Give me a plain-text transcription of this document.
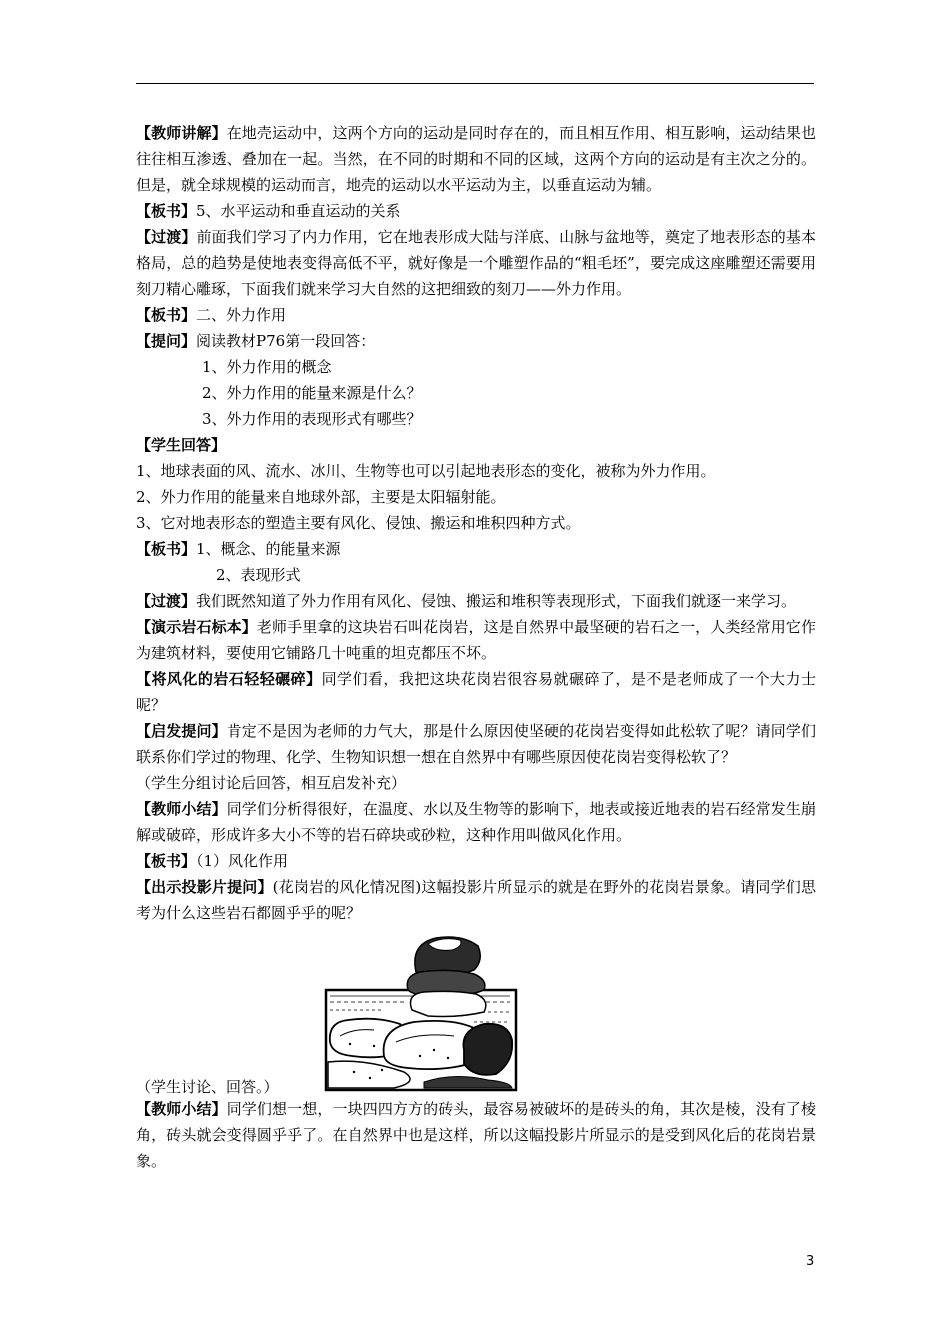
【教师讲解】在地壳运动中，这两个方向的运动是同时存在的，而且相互作用、相互影响，运动结果也往往相互渗透、叠加在一起。当然，在不同的时期和不同的区域，这两个方向的运动是有主次之分的。但是，就全球规模的运动而言，地壳的运动以水平运动为主，以垂直运动为辅。

【板书】5、水平运动和垂直运动的关系

【过渡】前面我们学习了内力作用，它在地表形成大陆与洋底、山脉与盆地等，奠定了地表形态的基本格局，总的趋势是使地表变得高低不平，就好像是一个雕塑作品的“粗毛坯”，要完成这座雕塑还需要用刻刀精心雕琢，下面我们就来学习大自然的这把细致的刻刀——外力作用。

【板书】二、外力作用

【提问】阅读教材P76第一段回答：

1、外力作用的概念

2、外力作用的能量来源是什么？

3、外力作用的表现形式有哪些？

【学生回答】

1、地球表面的风、流水、冰川、生物等也可以引起地表形态的变化，被称为外力作用。

2、外力作用的能量来自地球外部，主要是太阳辐射能。

3、它对地表形态的塑造主要有风化、侵蚀、搬运和堆积四种方式。

【板书】1、概念、的能量来源

2、表现形式

【过渡】我们既然知道了外力作用有风化、侵蚀、搬运和堆积等表现形式，下面我们就逐一来学习。

【演示岩石标本】老师手里拿的这块岩石叫花岗岩，这是自然界中最坚硬的岩石之一，人类经常用它作为建筑材料，要使用它铺路几十吨重的坦克都压不坏。

【将风化的岩石轻轻碾碎】同学们看，我把这块花岗岩很容易就碾碎了，是不是老师成了一个大力士呢？

【启发提问】肯定不是因为老师的力气大，那是什么原因使坚硬的花岗岩变得如此松软了呢？请同学们联系你们学过的物理、化学、生物知识想一想在自然界中有哪些原因使花岗岩变得松软了？

（学生分组讨论后回答，相互启发补充）

【教师小结】同学们分析得很好，在温度、水以及生物等的影响下，地表或接近地表的岩石经常发生崩解或破碎，形成许多大小不等的岩石碎块或砂粒，这种作用叫做风化作用。

【板书】（1）风化作用

【出示投影片提问】(花岗岩的风化情况图)这幅投影片所显示的就是在野外的花岗岩景象。请同学们思考为什么这些岩石都圆乎乎的呢？

（学生讨论、回答。）

【教师小结】同学们想一想，一块四四方方的砖头，最容易被破坏的是砖头的角，其次是棱，没有了棱角，砖头就会变得圆乎乎了。在自然界中也是这样，所以这幅投影片所显示的是受到风化后的花岗岩景象。

3
